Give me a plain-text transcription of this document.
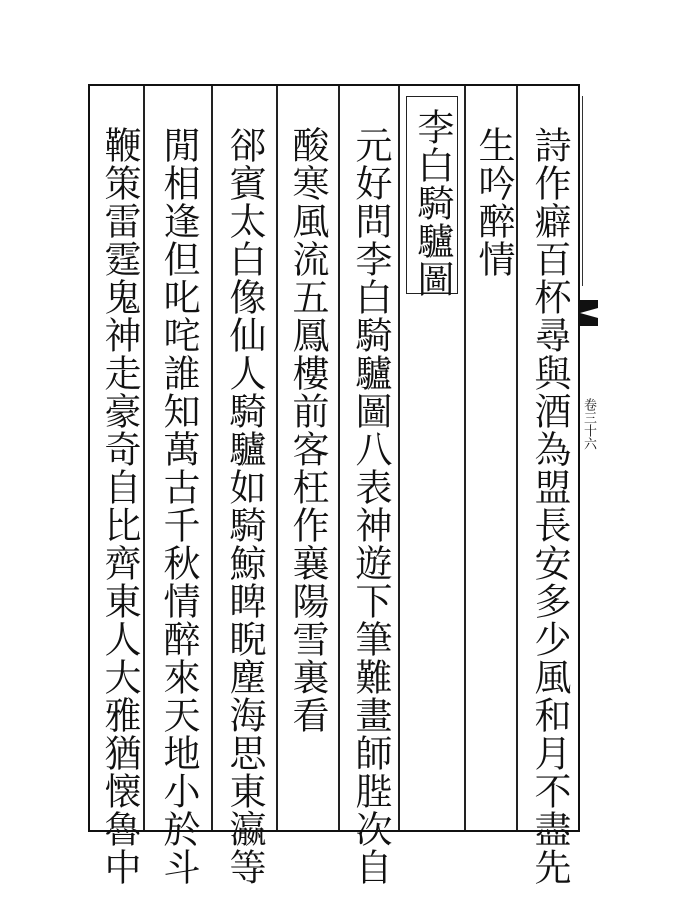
卷三十六
詩作癖百杯尋與酒為盟長安多少風和月不盡先
生吟醉情
李白騎驢圖
元好問李白騎驢圖八表神遊下筆難畫師䏶次自
酸寒風流五鳳樓前客枉作襄陽雪裏看
郤賓太白像仙人騎驢如騎鯨睥睨塵海思東瀛等
閒相逢但叱咤誰知萬古千秋情醉來天地小於斗
鞭策雷霆鬼神走豪奇自比齊東人大雅猶懐魯中
